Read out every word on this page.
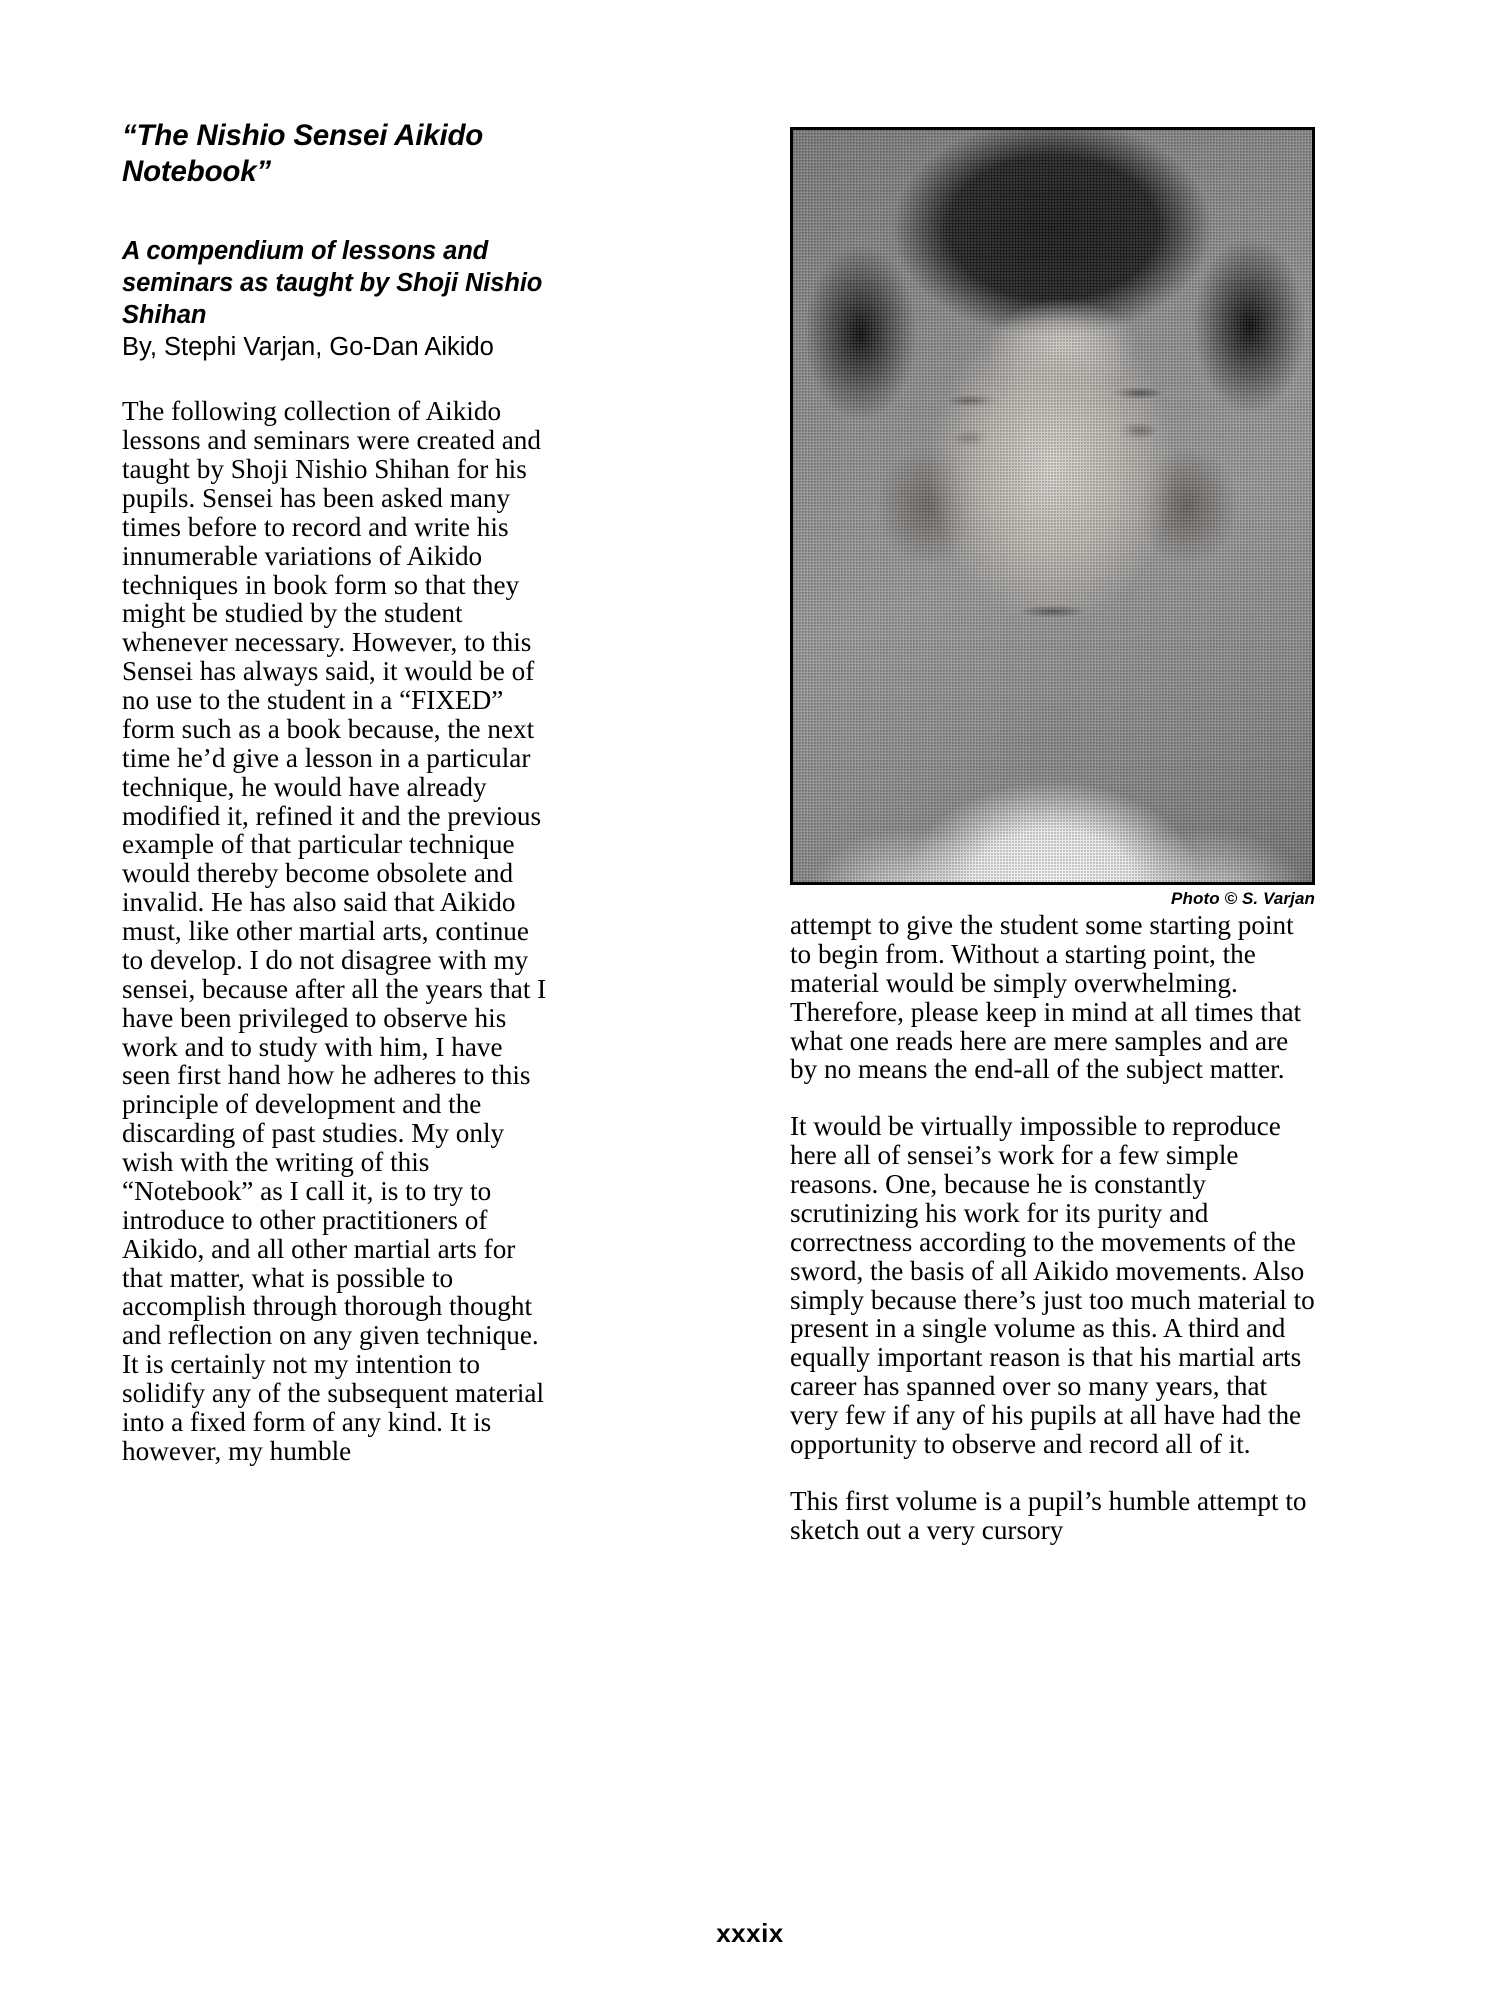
“The Nishio Sensei Aikido
Notebook”
A compendium of lessons and seminars as taught by Shoji Nishio Shihan
By, Stephi Varjan, Go-Dan Aikido

The following collection of Aikido lessons and seminars were created and taught by Shoji Nishio Shihan for his pupils. Sensei has been asked many times before to record and write his innumerable variations of Aikido techniques in book form so that they might be studied by the student whenever necessary. However, to this Sensei has always said, it would be of no use to the student in a “FIXED” form such as a book because, the next time he’d give a lesson in a particular technique, he would have already modified it, refined it and the previous example of that particular technique would thereby become obsolete and invalid. He has also said that Aikido must, like other martial arts, continue to develop. I do not disagree with my sensei, because after all the years that I have been privileged to observe his work and to study with him, I have seen first hand how he adheres to this principle of development and the discarding of past studies. My only wish with the writing of this “Notebook” as I call it, is to try to introduce to other practitioners of Aikido, and all other martial arts for that matter, what is possible to accomplish through thorough thought and reflection on any given technique. It is certainly not my intention to solidify any of the subsequent material into a fixed form of any kind. It is however, my humble

Photo © S. Varjan

attempt to give the student some starting point to begin from. Without a starting point, the material would be simply overwhelming. Therefore, please keep in mind at all times that what one reads here are mere samples and are by no means the end-all of the subject matter.

It would be virtually impossible to reproduce here all of sensei’s work for a few simple reasons. One, because he is constantly scrutinizing his work for its purity and correctness according to the movements of the sword, the basis of all Aikido movements. Also simply because there’s just too much material to present in a single volume as this. A third and equally important reason is that his martial arts career has spanned over so many years, that very few if any of his pupils at all have had the opportunity to observe and record all of it.

This first volume is a pupil’s humble attempt to sketch out a very cursory

xxxix
